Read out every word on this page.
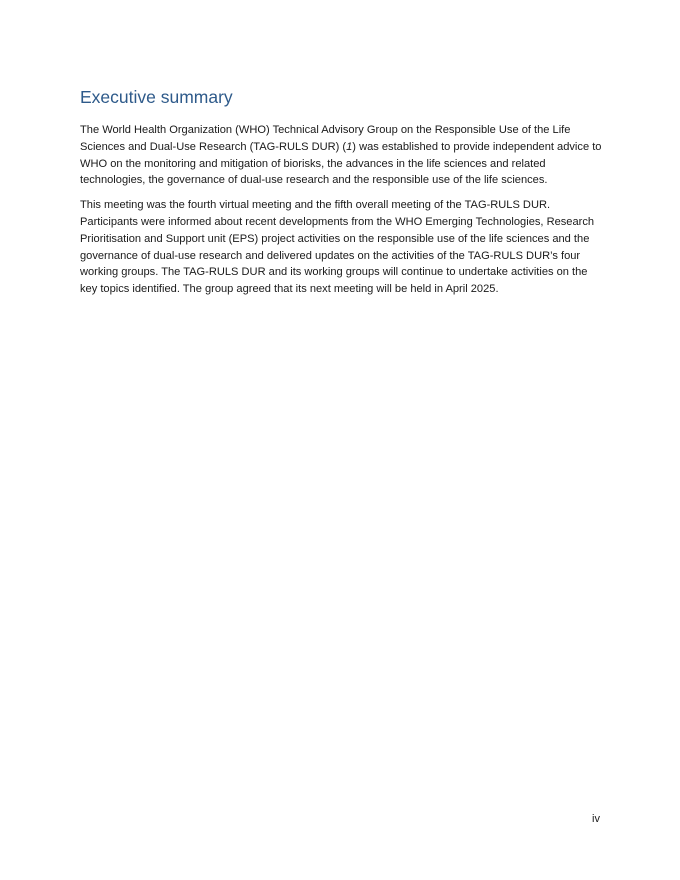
Executive summary

The World Health Organization (WHO) Technical Advisory Group on the Responsible Use of the Life Sciences and Dual-Use Research (TAG-RULS DUR) (1) was established to provide independent advice to WHO on the monitoring and mitigation of biorisks, the advances in the life sciences and related technologies, the governance of dual-use research and the responsible use of the life sciences.

This meeting was the fourth virtual meeting and the fifth overall meeting of the TAG-RULS DUR. Participants were informed about recent developments from the WHO Emerging Technologies, Research Prioritisation and Support unit (EPS) project activities on the responsible use of the life sciences and the governance of dual-use research and delivered updates on the activities of the TAG-RULS DUR’s four working groups. The TAG-RULS DUR and its working groups will continue to undertake activities on the key topics identified. The group agreed that its next meeting will be held in April 2025.

iv
